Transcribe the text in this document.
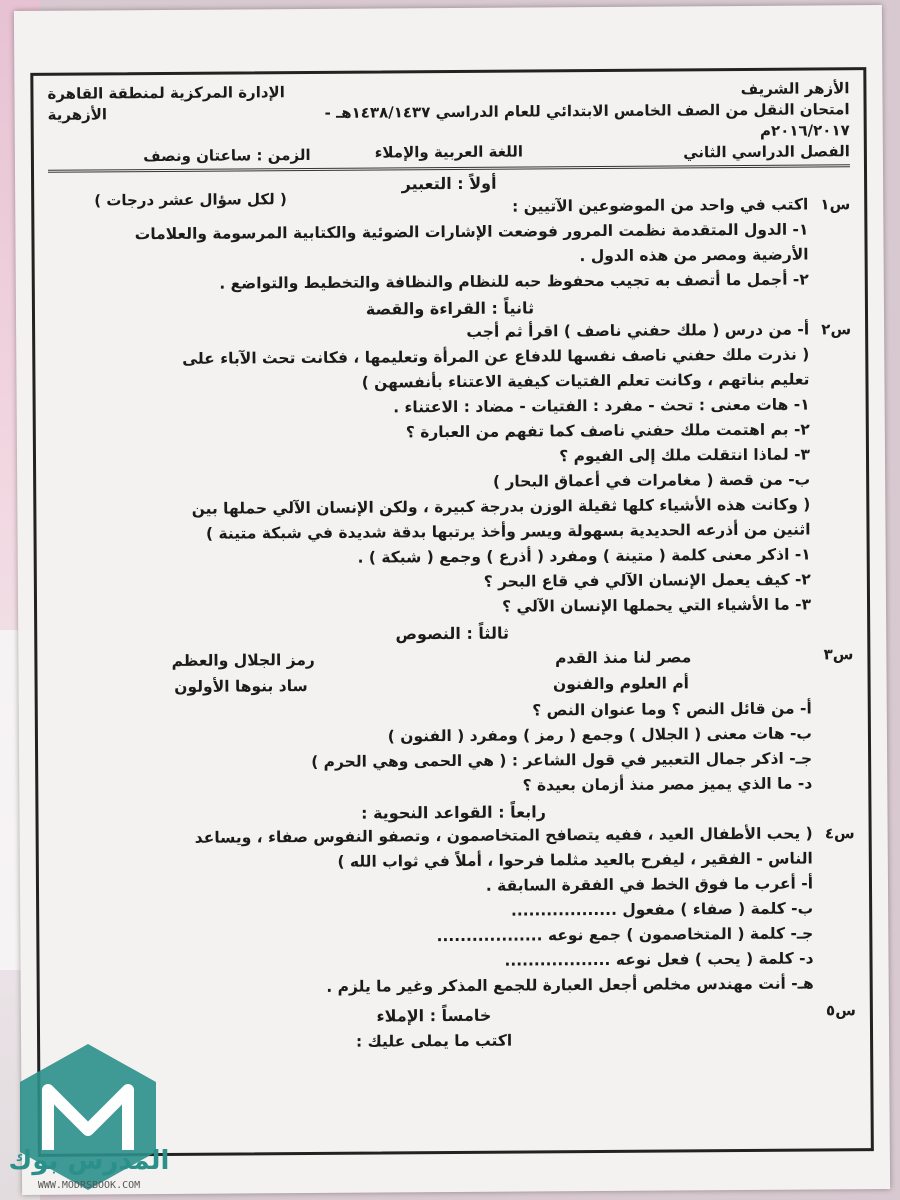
الأزهر الشريف
امتحان النقل من الصف الخامس الابتدائي للعام الدراسي ١٤٣٨/١٤٣٧هـ - ٢٠١٦/٢٠١٧م
الفصل الدراسي الثاني
الإدارة المركزية لمنطقة القاهرة الأزهرية

الزمن : ساعتان ونصف	اللغة العربية والإملاء
أولاً : التعبير
( لكل سؤال عشر درجات )	س١
اكتب في واحد من الموضوعين الآتيين :
١- الدول المتقدمة نظمت المرور فوضعت الإشارات الضوئية والكتابية المرسومة والعلامات
الأرضية ومصر من هذه الدول .
٢- أجمل ما أتصف به تجيب محفوظ حبه للنظام والنظافة والتخطيط والتواضع .
ثانياً : القراءة والقصة
س٢
أ- من درس ( ملك حفني ناصف ) اقرأ ثم أجب
( نذرت ملك حفني ناصف نفسها للدفاع عن المرأة وتعليمها ، فكانت تحث الآباء على
تعليم بناتهم ، وكانت تعلم الفتيات كيفية الاعتناء بأنفسهن )
١- هات معنى : تحث - مفرد : الفتيات - مضاد : الاعتناء .
٢- بم اهتمت ملك حفني ناصف كما تفهم من العبارة ؟
٣- لماذا انتقلت ملك إلى الفيوم ؟
ب- من قصة ( مغامرات في أعماق البحار )
( وكانت هذه الأشياء كلها ثقيلة الوزن بدرجة كبيرة ، ولكن الإنسان الآلي حملها بين
اثنين من أذرعه الحديدية بسهولة ويسر وأخذ يرتبها بدقة شديدة في شبكة متينة )
١- اذكر معنى كلمة ( متينة ) ومفرد ( أذرع ) وجمع ( شبكة ) .
٢- كيف يعمل الإنسان الآلي في قاع البحر ؟
٣- ما الأشياء التي يحملها الإنسان الآلي ؟
ثالثاً : النصوص
س٣
مصر لنا منذ القدم
رمز الجلال والعظم
أم العلوم والفنون
ساد بنوها الأولون
أ- من قائل النص ؟ وما عنوان النص ؟
ب- هات معنى ( الجلال ) وجمع ( رمز ) ومفرد ( الفنون )
جـ- اذكر جمال التعبير في قول الشاعر : ( هي الحمى وهي الحرم )
د- ما الذي يميز مصر منذ أزمان بعيدة ؟
رابعاً : القواعد النحوية :
س٤
( يحب الأطفال العيد ، ففيه يتصافح المتخاصمون ، وتصفو النفوس صفاء ، ويساعد
الناس - الفقير ، ليفرح بالعيد مثلما فرحوا ، أملاً في ثواب الله )
أ- أعرب ما فوق الخط في الفقرة السابقة .
ب- كلمة ( صفاء ) مفعول ..................
جـ- كلمة ( المتخاصمون ) جمع نوعه ..................
د- كلمة ( يحب ) فعل نوعه ..................
هـ- أنت مهندس مخلص أجعل العبارة للجمع المذكر وغير ما يلزم .
س٥
خامساً : الإملاء
اكتب ما يملى عليك :
المدرس بوك
WWW.MODRSBOOK.COM
